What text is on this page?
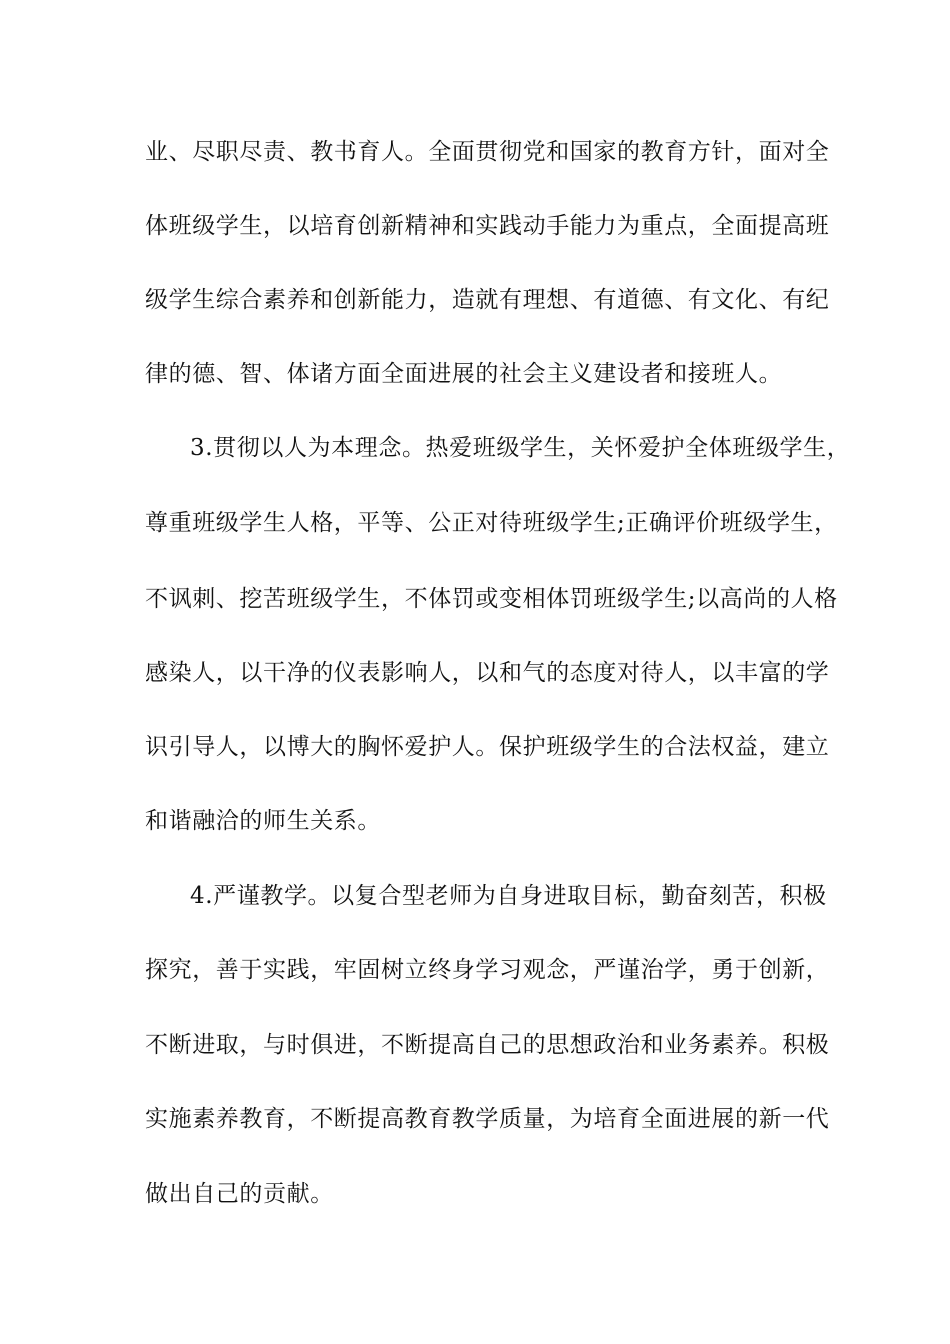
业、尽职尽责、教书育人。全面贯彻党和国家的教育方针，面对全
体班级学生，以培育创新精神和实践动手能力为重点，全面提高班
级学生综合素养和创新能力，造就有理想、有道德、有文化、有纪
律的德、智、体诸方面全面进展的社会主义建设者和接班人。
3.贯彻以人为本理念。热爱班级学生，关怀爱护全体班级学生，
尊重班级学生人格，平等、公正对待班级学生;正确评价班级学生，
不讽刺、挖苦班级学生，不体罚或变相体罚班级学生;以高尚的人格
感染人，以干净的仪表影响人，以和气的态度对待人，以丰富的学
识引导人，以博大的胸怀爱护人。保护班级学生的合法权益，建立
和谐融洽的师生关系。
4.严谨教学。以复合型老师为自身进取目标，勤奋刻苦，积极
探究，善于实践，牢固树立终身学习观念，严谨治学，勇于创新，
不断进取，与时俱进，不断提高自己的思想政治和业务素养。积极
实施素养教育，不断提高教育教学质量，为培育全面进展的新一代
做出自己的贡献。
